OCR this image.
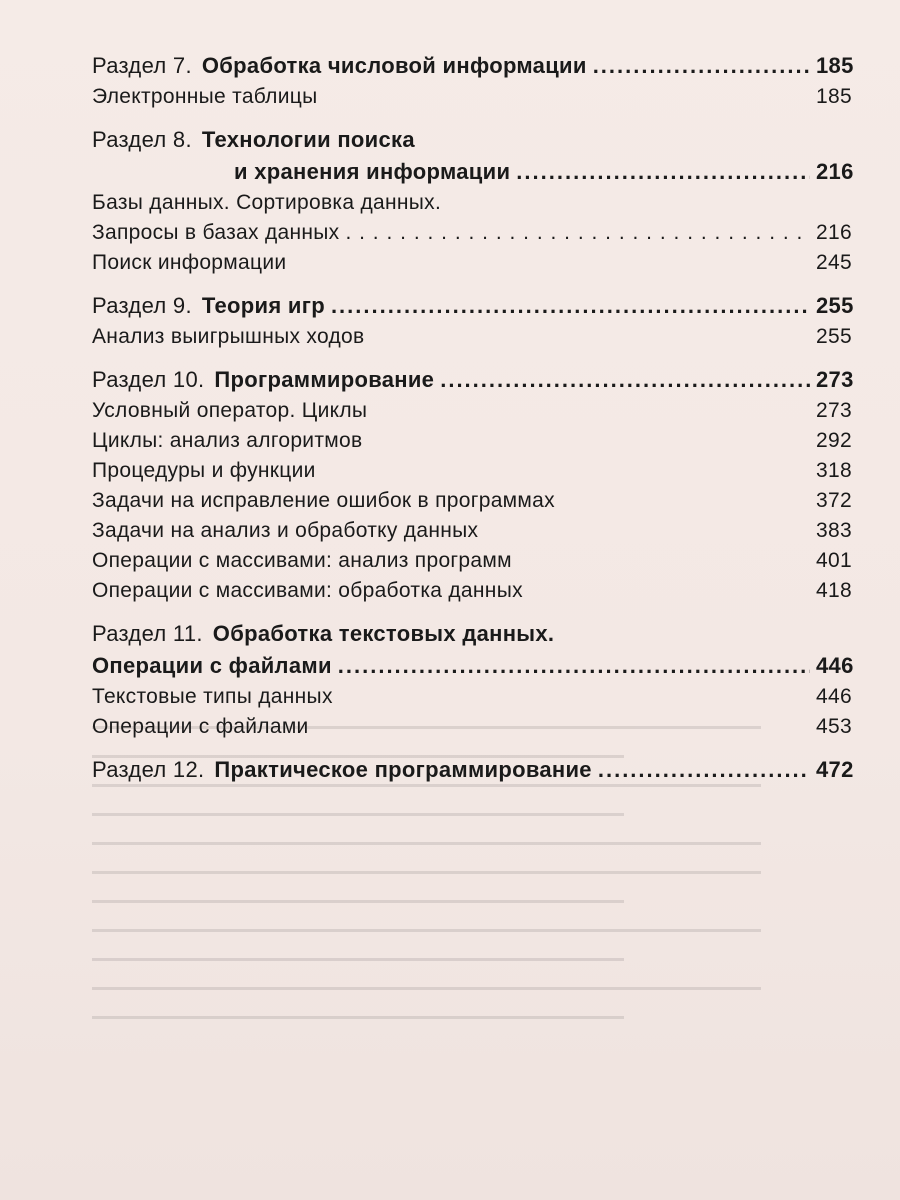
Раздел 7. Обработка числовой информации .....	185
Электронные таблицы	185
Раздел 8. Технологии поиска
и хранения информации .....	216
Базы данных. Сортировка данных.
Запросы в базах данных . . .	216
Поиск информации	245
Раздел 9. Теория игр .....	255
Анализ выигрышных ходов	255
Раздел 10. Программирование .....	273
Условный оператор. Циклы	273
Циклы: анализ алгоритмов	292
Процедуры и функции	318
Задачи на исправление ошибок в программах	372
Задачи на анализ и обработку данных	383
Операции с массивами: анализ программ	401
Операции с массивами: обработка данных	418
Раздел 11. Обработка текстовых данных.
Операции с файлами .....	446
Текстовые типы данных	446
Операции с файлами	453
Раздел 12. Практическое программирование .....	472
